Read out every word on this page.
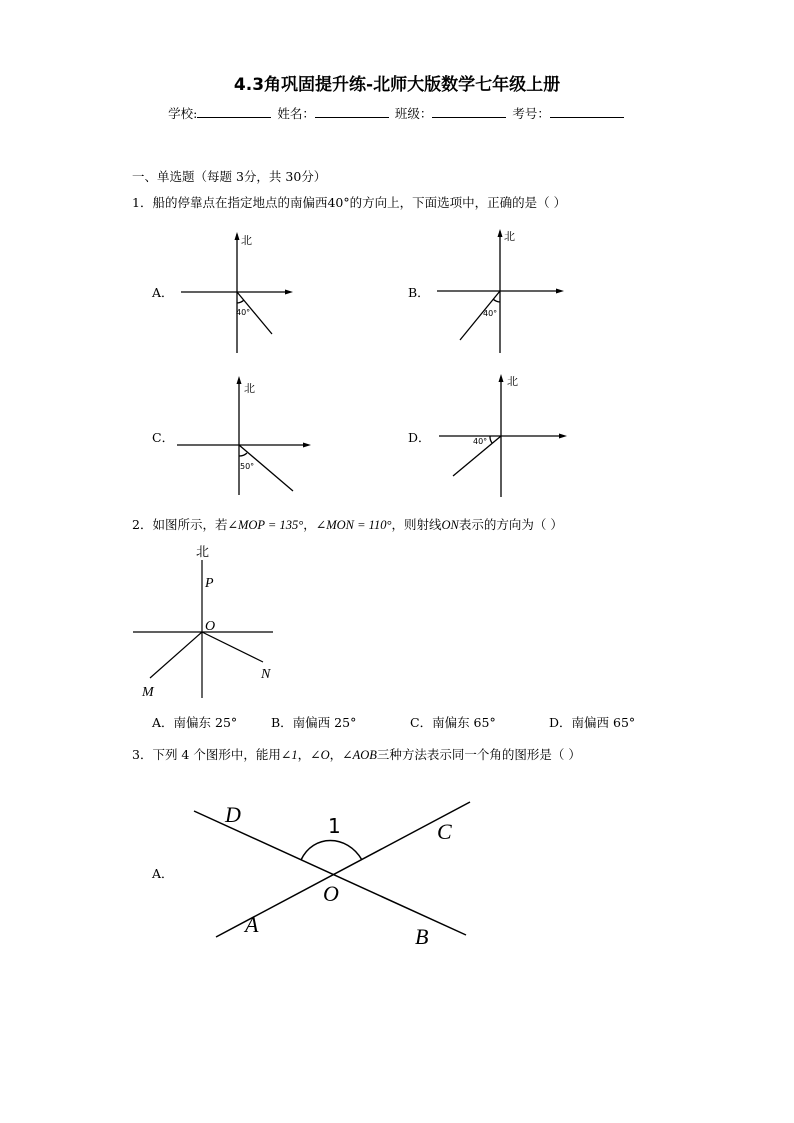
4.3角巩固提升练-北师大版数学七年级上册
学校:	姓名：	班级：	考号：
一、单选题（每题 3分，共 30分）
1．船的停靠点在指定地点的南偏西40°的方向上，下面选项中，正确的是（ ）
A．
北
40°
B．
北
40°
C．
北
50°
D．
北
40°
2．如图所示，若∠MOP = 135°，∠MON = 110°，则射线ON表示的方向为（ ）
北
P
O
N
M
A．南偏东 25°	B．南偏西 25°	C．南偏东 65°	D．南偏西 65°
3．下列 4 个图形中，能用∠1，∠O，∠AOB三种方法表示同一个角的图形是（ ）
A．
D	1	C
O
A	B
